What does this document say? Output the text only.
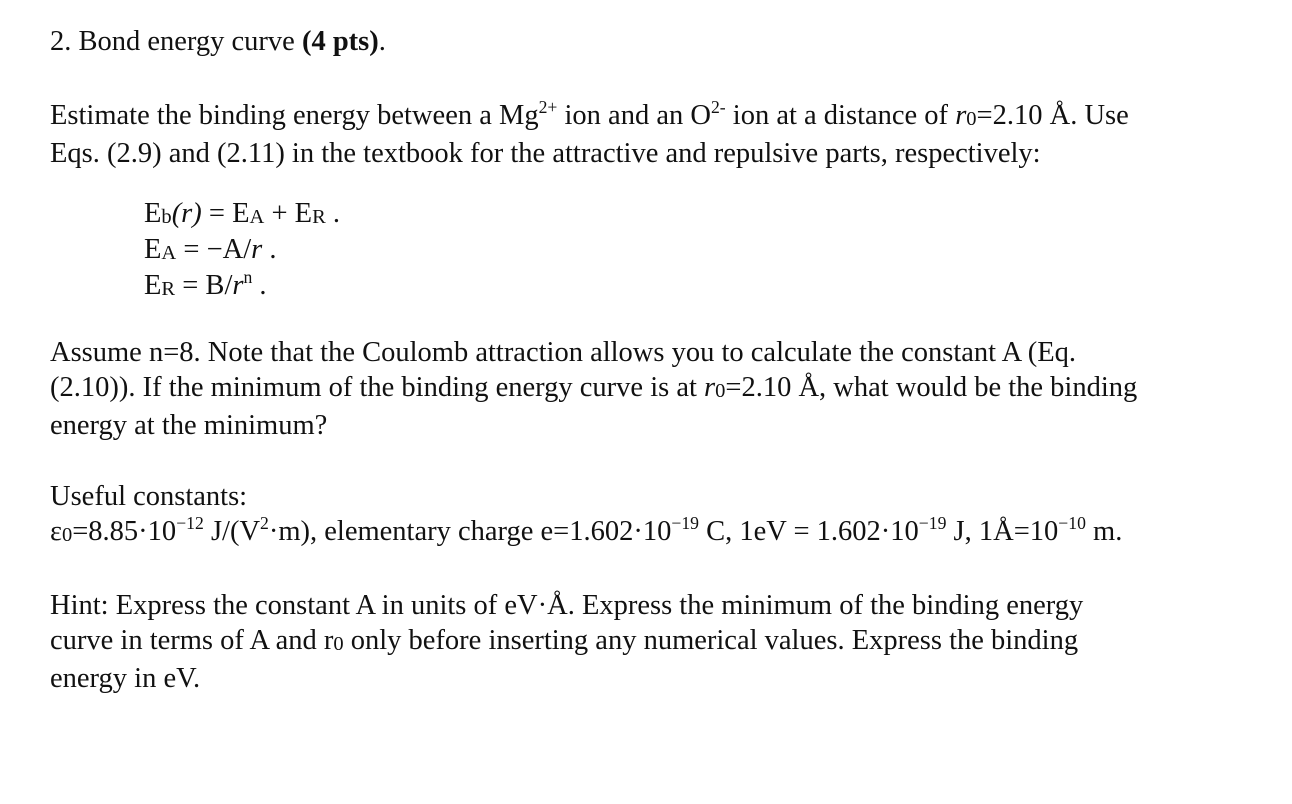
2. Bond energy curve (4 pts).

Estimate the binding energy between a $Mg^{2+}$ ion and an $O^{2-}$ ion at a distance of r0=2.10 Å. Use

Eqs. (2.9) and (2.11) in the textbook for the attractive and repulsive parts, respectively:

Eb(r) = EA + ER .

EA = −A/r .

ER = $B/r^n$ .

Assume n=8. Note that the Coulomb attraction allows you to calculate the constant A (Eq.

(2.10)). If the minimum of the binding energy curve is at r0=2.10 Å, what would be the binding

energy at the minimum?

Useful constants:

$\varepsilon 0=8.85\cdot 10^{-12}$ $J/(V^2\cdot m)$, elementary charge $e=1.602\cdot 10^{-19}$ C, $1eV = 1.602\cdot 10^{-19}$ J, $1Å=10^{-10}$ m.

Hint: Express the constant A in units of eV·Å. Express the minimum of the binding energy

curve in terms of A and r0 only before inserting any numerical values. Express the binding

energy in eV.
